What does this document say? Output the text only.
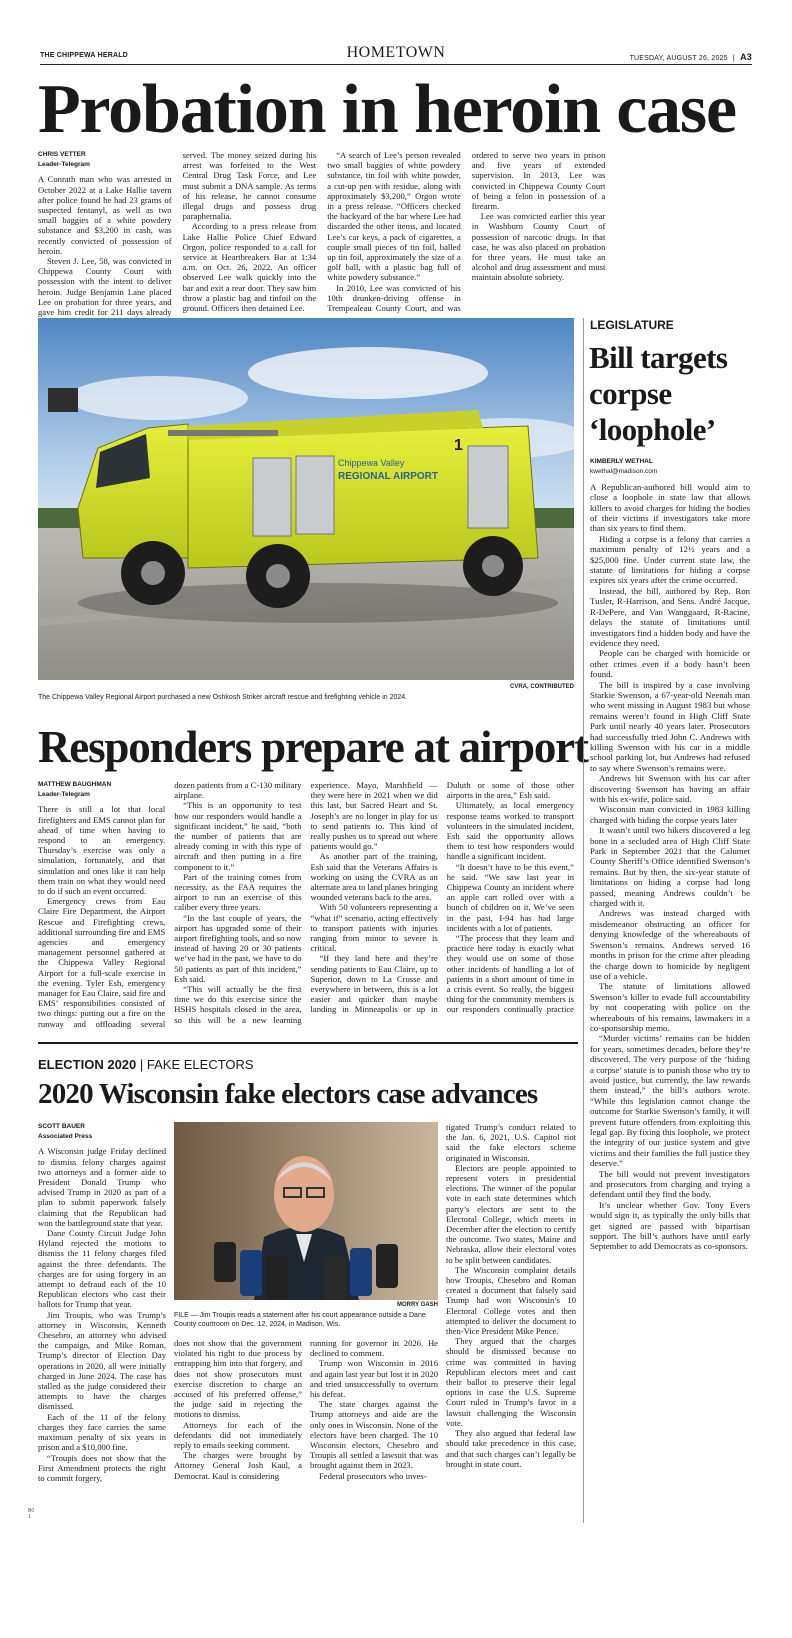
THE CHIPPEWA HERALD	HOMETOWN	TUESDAY, AUGUST 26, 2025 | A3
Probation in heroin case
CHRIS VETTER
Leader-Telegram

A Conrath man who was arrested in October 2022 at a Lake Hallie tavern after police found he had 23 grams of suspected fentanyl, as well as two small baggies of a white powdery substance and $3,200 in cash, was recently convicted of possession of heroin.

Steven J. Lee, 58, was convicted in Chippewa County Court with possession with the intent to deliver heroin. Judge Benjamin Lane placed Lee on probation for three years, and gave him credit for 211 days already served. The money seized during his arrest was forfeited to the West Central Drug Task Force, and Lee must submit a DNA sample. As terms of his release, he cannot consume illegal drugs and possess drug paraphernalia.

According to a press release from Lake Hallie Police Chief Edward Orgon, police responded to a call for service at Heartbreakers Bar at 1:34 a.m. on Oct. 26, 2022. An officer observed Lee walk quickly into the bar and exit a rear door. They saw him throw a plastic bag and tinfoil on the ground. Officers then detained Lee.

“A search of Lee’s person revealed two small baggies of white powdery substance, tin foil with white powder, a cut-up pen with residue, along with approximately $3,200,” Orgon wrote in a press release. “Officers checked the backyard of the bar where Lee had discarded the other items, and located Lee’s car keys, a pack of cigarettes, a couple small pieces of tin foil, balled up tin foil, approximately the size of a golf ball, with a plastic bag full of white powdery substance.”

In 2010, Lee was convicted of his 10th drunken-driving offense in Trempealeau County Court, and was ordered to serve two years in prison and five years of extended supervision. In 2013, Lee was convicted in Chippewa County Court of being a felon in possession of a firearm.

Lee was convicted earlier this year in Washburn County Court of possession of narcotic drugs. In that case, he was also placed on probation for three years. He must take an alcohol and drug assessment and must maintain absolute sobriety.

Chippewa Valley
REGIONAL AIRPORT
1
CVRA, CONTRIBUTED
The Chippewa Valley Regional Airport purchased a new Oshkosh Striker aircraft rescue and firefighting vehicle in 2024.
Responders prepare at airport
MATTHEW BAUGHMAN
Leader-Telegram

There is still a lot that local firefighters and EMS cannot plan for ahead of time when having to respond to an emergency. Thursday’s exercise was only a simulation, fortunately, and that simulation and ones like it can help them train on what they would need to do if such an event occurred.

Emergency crews from Eau Claire Fire Department, the Airport Rescue and Firefighting crews, additional surrounding fire and EMS agencies and emergency management personnel gathered at the Chippewa Valley Regional Airport for a full-scale exercise in the evening. Tyler Esh, emergency manager for Eau Claire, said fire and EMS’ responsibilities consisted of two things: putting out a fire on the runway and offloading several dozen patients from a C-130 military airplane.

“This is an opportunity to test how our responders would handle a significant incident,” he said, “both the number of patients that are already coming in with this type of aircraft and then putting in a fire component to it.”

Part of the training comes from necessity, as the FAA requires the airport to run an exercise of this caliber every three years.

“In the last couple of years, the airport has upgraded some of their airport firefighting tools, and so now instead of having 20 or 30 patients we’ve had in the past, we have to do 50 patients as part of this incident,” Esh said.

“This will actually be the first time we do this exercise since the HSHS hospitals closed in the area, so this will be a new learning experience. Mayo, Marshfield — they were here in 2021 when we did this last, but Sacred Heart and St. Joseph’s are no longer in play for us to send patients to. This kind of really pushes us to spread out where patients would go.”

As another part of the training, Esh said that the Veterans Affairs is working on using the CVRA as an alternate area to land planes bringing wounded veterans back to the area.

With 50 volunteers representing a “what if” scenario, acting effectively to transport patients with injuries ranging from minor to severe is critical.

“If they land here and they’re sending patients to Eau Claire, up to Superior, down to La Crosse and everywhere in between, this is a lot easier and quicker than maybe landing in Minneapolis or up in Duluth or some of those other airports in the area,” Esh said.

Ultimately, as local emergency response teams worked to transport volunteers in the simulated incident, Esh said the opportunity allows them to test how responders would handle a significant incident.

“It doesn’t have to be this event,” he said. “We saw last year in Chippewa County an incident where an apple cart rolled over with a bunch of children on it. We’ve seen in the past, I-94 has had large incidents with a lot of patients.

“The process that they learn and practice here today is exactly what they would use on some of those other incidents of handling a lot of patients in a short amount of time in a crisis event. So really, the biggest thing for the community members is our responders continually practice

ELECTION 2020 | FAKE ELECTORS
2020 Wisconsin fake electors case advances
SCOTT BAUER
Associated Press

A Wisconsin judge Friday declined to dismiss felony charges against two attorneys and a former aide to President Donald Trump who advised Trump in 2020 as part of a plan to submit paperwork falsely claiming that the Republican had won the battleground state that year.

Dane County Circuit Judge John Hyland rejected the motions to dismiss the 11 felony charges filed against the three defendants. The charges are for using forgery in an attempt to defraud each of the 10 Republican electors who cast their ballots for Trump that year.

Jim Troupis, who was Trump’s attorney in Wisconsin, Kenneth Chesebro, an attorney who advised the campaign, and Mike Roman, Trump’s director of Election Day operations in 2020, all were initially charged in June 2024. The case has stalled as the judge considered their attempts to have the charges dismissed.

Each of the 11 of the felony charges they face carries the same maximum penalty of six years in prison and a $10,000 fine.

“Troupis does not show that the First Amendment protects the right to commit forgery,

MORRY GASH
FILE — Jim Troupis reads a statement after his court appearance outside a Dane County courtroom on Dec. 12, 2024, in Madison, Wis.

does not show that the government violated his right to due process by entrapping him into that forgery, and does not show prosecutors must exercise discretion to charge an accused of his preferred offense,” the judge said in rejecting the motions to dismiss.

Attorneys for each of the defendants did not immediately reply to emails seeking comment.

The charges were brought by Attorney General Josh Kaul, a Democrat. Kaul is considering

running for governor in 2026. He declined to comment.

Trump won Wisconsin in 2016 and again last year but lost it in 2020 and tried unsuccessfully to overturn his defeat.

The state charges against the Trump attorneys and aide are the only ones in Wisconsin. None of the electors have been charged. The 10 Wisconsin electors, Chesebro and Troupis all settled a lawsuit that was brought against them in 2023.

Federal prosecutors who inves-

tigated Trump’s conduct related to the Jan. 6, 2021, U.S. Capitol riot said the fake electors scheme originated in Wisconsin.

Electors are people appointed to represent voters in presidential elections. The winner of the popular vote in each state determines which party’s electors are sent to the Electoral College, which meets in December after the election to certify the outcome. Two states, Maine and Nebraska, allow their electoral votes to be split between candidates.

The Wisconsin complaint details how Troupis, Chesebro and Roman created a document that falsely said Trump had won Wisconsin’s 10 Electoral College votes and then attempted to deliver the document to then-Vice President Mike Pence.

They argued that the charges should be dismissed because no crime was committed in having Republican electors meet and cast their ballot to preserve their legal options in case the U.S. Supreme Court ruled in Trump’s favor in a lawsuit challenging the Wisconsin vote.

They also argued that federal law should take precedence in this case, and that such charges can’t legally be brought in state court.

LEGISLATURE
Bill targets corpse ‘loophole’
KIMBERLY WETHAL
kwethal@madison.com

A Republican-authored bill would aim to close a loophole in state law that allows killers to avoid charges for hiding the bodies of their victims if investigators take more than six years to find them.

Hiding a corpse is a felony that carries a maximum penalty of 12½ years and a $25,000 fine. Under current state law, the statute of limitations for hiding a corpse expires six years after the crime occurred.

Instead, the bill, authored by Rep. Ron Tusler, R-Harrison, and Sens. André Jacque, R-DePere, and Van Wanggaard, R-Racine, delays the statute of limitations until investigators find a hidden body and have the evidence they need.

People can be charged with homicide or other crimes even if a body hasn’t been found.

The bill is inspired by a case involving Starkie Swenson, a 67-year-old Neenah man who went missing in August 1983 but whose remains weren’t found in High Cliff State Park until nearly 40 years later. Prosecutors had successfully tried John C. Andrews with killing Swenson with his car in a middle school parking lot, but Andrews had refused to say where Swenson’s remains were.

Andrews hit Swenson with his car after discovering Swenson has having an affair with his ex-wife, police said.

Wisconsin man convicted in 1983 killing charged with hiding the corpse years later

It wasn’t until two hikers discovered a leg bone in a secluded area of High Cliff State Park in September 2021 that the Calumet County Sheriff’s Office identified Swenson’s remains. But by then, the six-year statute of limitations on hiding a corpse had long passed, meaning Andrews couldn’t be charged with it.

Andrews was instead charged with misdemeanor obstructing an officer for denying knowledge of the whereabouts of Swenson’s remains. Andrews served 16 months in prison for the crime after pleading the charge down to homicide by negligent use of a vehicle.

The statute of limitations allowed Swenson’s killer to evade full accountability by not cooperating with police on the whereabouts of his remains, lawmakers in a co-sponsorship memo.

“Murder victims’ remains can be hidden for years, sometimes decades, before they’re discovered. The very purpose of the ‘hiding a corpse’ statute is to punish those who try to avoid justice, but currently, the law rewards them instead,” the bill’s authors wrote. “While this legislation cannot change the outcome for Starkie Swenson’s family, it will prevent future offenders from exploiting this legal gap. By fixing this loophole, we protect the integrity of our justice system and give victims and their families the full justice they deserve.”

The bill would not prevent investigators and prosecutors from charging and trying a defendant until they find the body.

It’s unclear whether Gov. Tony Evers would sign it, as typically the only bills that get signed are passed with bipartisan support. The bill’s authors have until early September to add Democrats as co-sponsors.

B0
1
